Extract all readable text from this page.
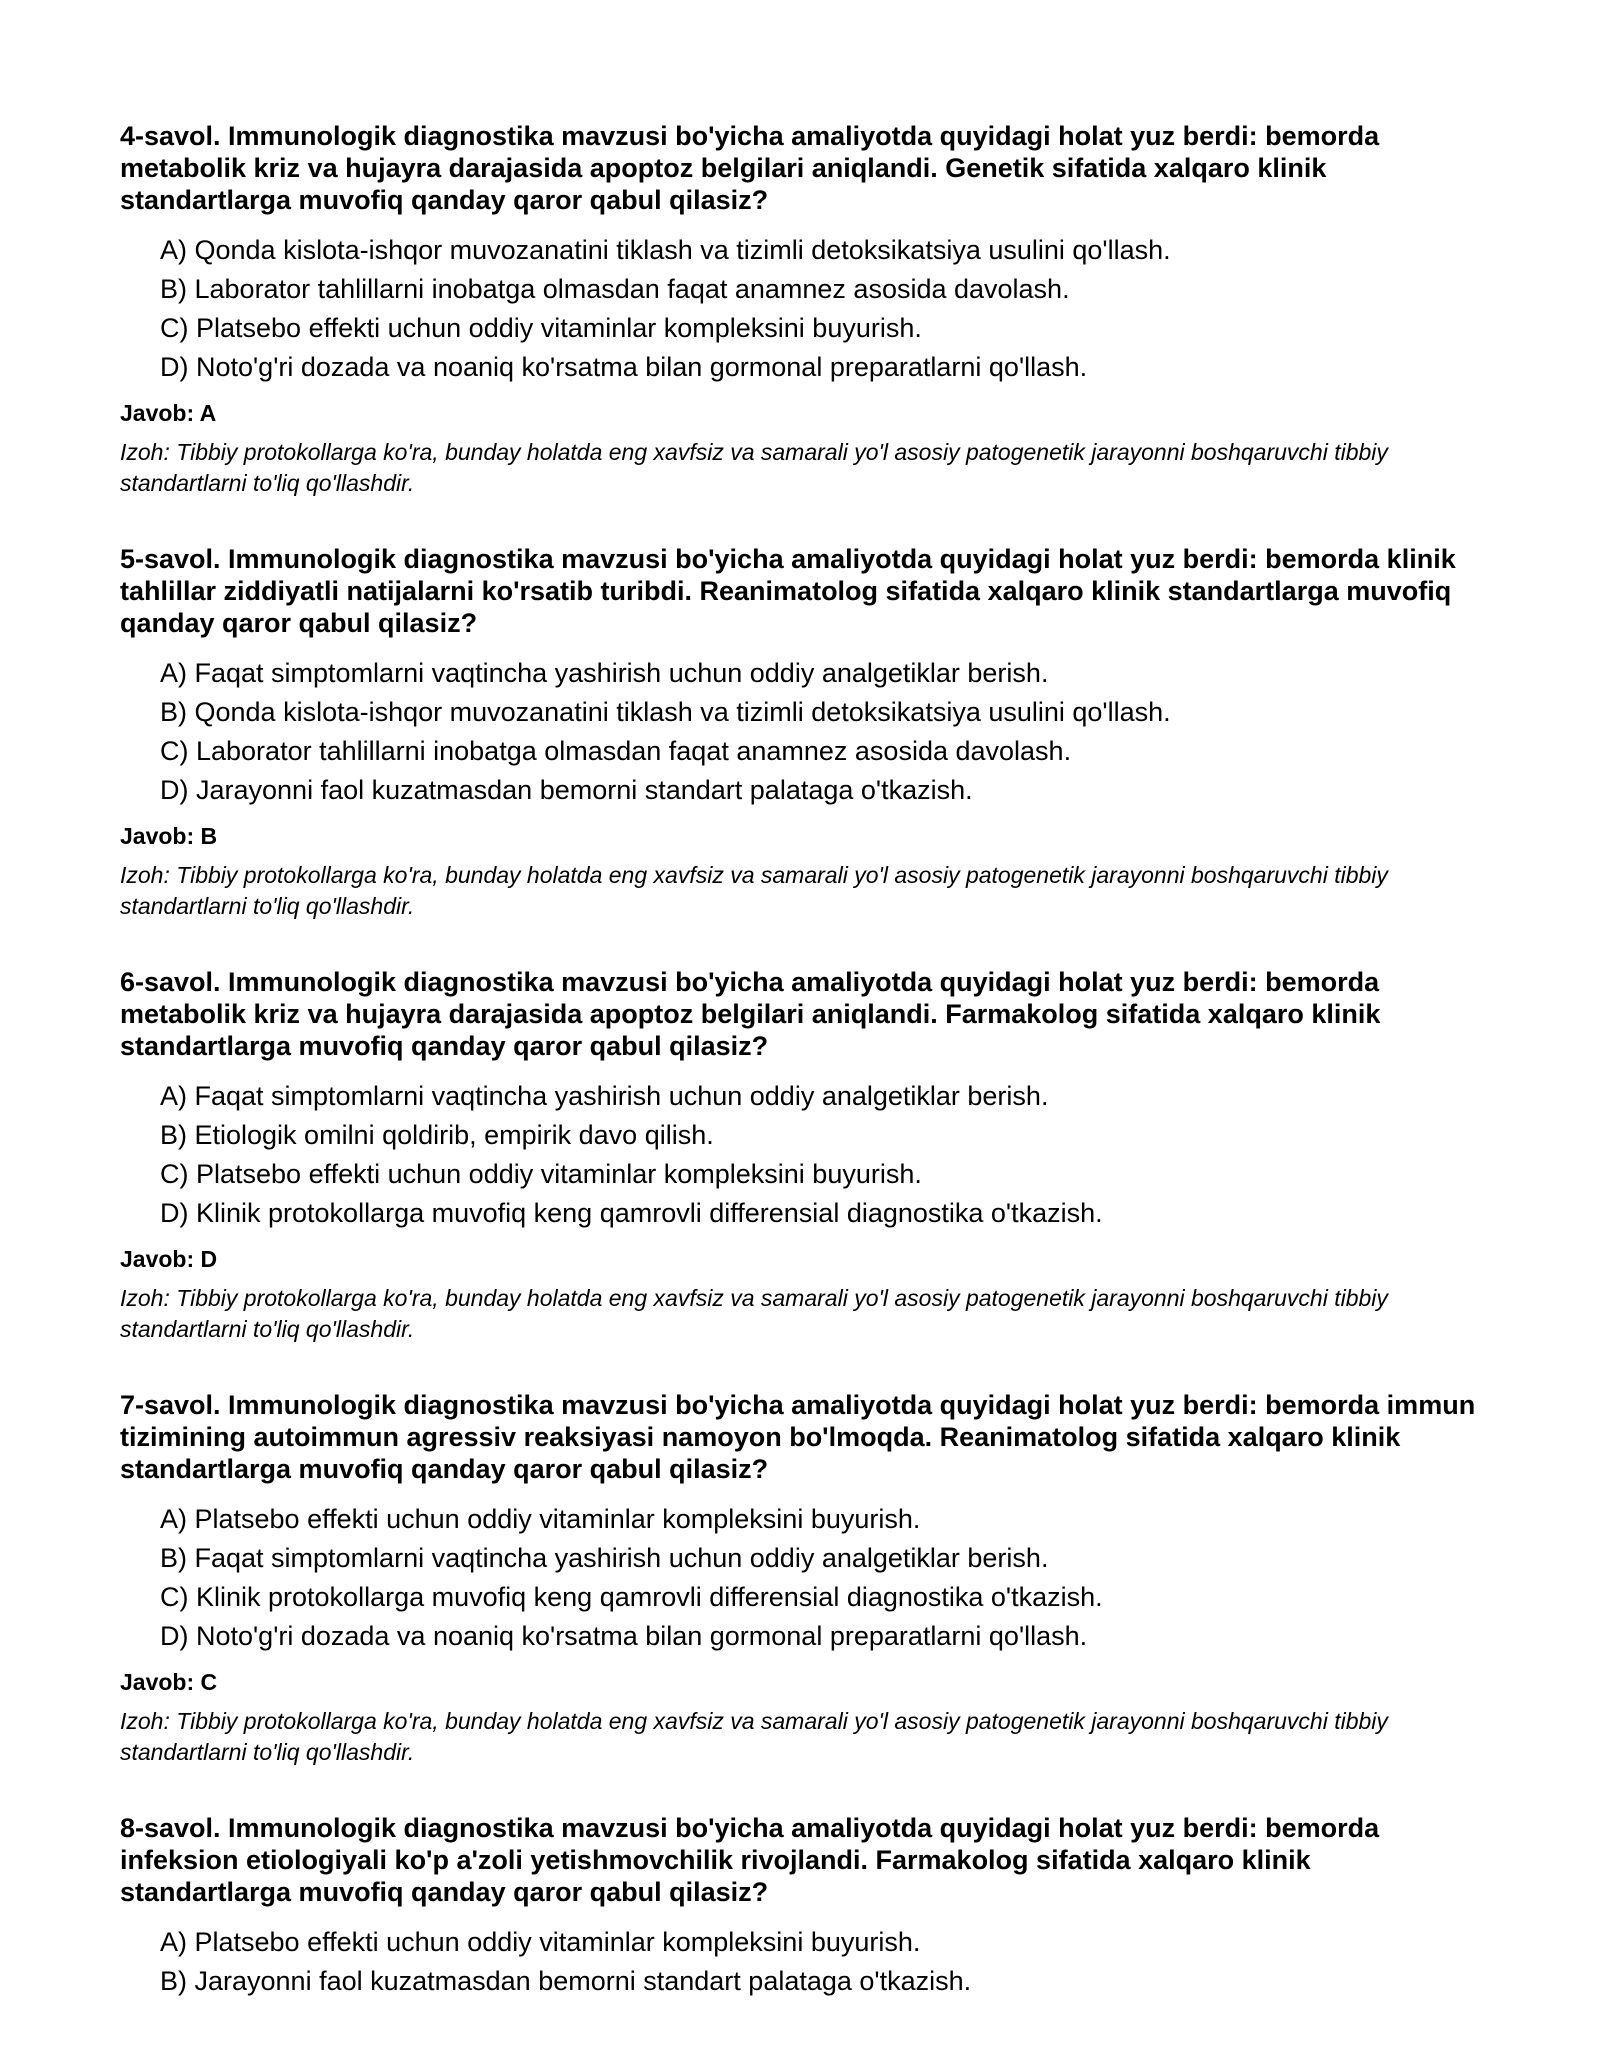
4-savol. Immunologik diagnostika mavzusi bo'yicha amaliyotda quyidagi holat yuz berdi: bemorda metabolik kriz va hujayra darajasida apoptoz belgilari aniqlandi. Genetik sifatida xalqaro klinik standartlarga muvofiq qanday qaror qabul qilasiz?

A) Qonda kislota-ishqor muvozanatini tiklash va tizimli detoksikatsiya usulini qo'llash.
B) Laborator tahlillarni inobatga olmasdan faqat anamnez asosida davolash.
C) Platsebo effekti uchun oddiy vitaminlar kompleksini buyurish.
D) Noto'g'ri dozada va noaniq ko'rsatma bilan gormonal preparatlarni qo'llash.

Javob: A

Izoh: Tibbiy protokollarga ko'ra, bunday holatda eng xavfsiz va samarali yo'l asosiy patogenetik jarayonni boshqaruvchi tibbiy standartlarni to'liq qo'llashdir.

5-savol. Immunologik diagnostika mavzusi bo'yicha amaliyotda quyidagi holat yuz berdi: bemorda klinik tahlillar ziddiyatli natijalarni ko'rsatib turibdi. Reanimatolog sifatida xalqaro klinik standartlarga muvofiq qanday qaror qabul qilasiz?

A) Faqat simptomlarni vaqtincha yashirish uchun oddiy analgetiklar berish.
B) Qonda kislota-ishqor muvozanatini tiklash va tizimli detoksikatsiya usulini qo'llash.
C) Laborator tahlillarni inobatga olmasdan faqat anamnez asosida davolash.
D) Jarayonni faol kuzatmasdan bemorni standart palataga o'tkazish.

Javob: B

Izoh: Tibbiy protokollarga ko'ra, bunday holatda eng xavfsiz va samarali yo'l asosiy patogenetik jarayonni boshqaruvchi tibbiy standartlarni to'liq qo'llashdir.

6-savol. Immunologik diagnostika mavzusi bo'yicha amaliyotda quyidagi holat yuz berdi: bemorda metabolik kriz va hujayra darajasida apoptoz belgilari aniqlandi. Farmakolog sifatida xalqaro klinik standartlarga muvofiq qanday qaror qabul qilasiz?

A) Faqat simptomlarni vaqtincha yashirish uchun oddiy analgetiklar berish.
B) Etiologik omilni qoldirib, empirik davo qilish.
C) Platsebo effekti uchun oddiy vitaminlar kompleksini buyurish.
D) Klinik protokollarga muvofiq keng qamrovli differensial diagnostika o'tkazish.

Javob: D

Izoh: Tibbiy protokollarga ko'ra, bunday holatda eng xavfsiz va samarali yo'l asosiy patogenetik jarayonni boshqaruvchi tibbiy standartlarni to'liq qo'llashdir.

7-savol. Immunologik diagnostika mavzusi bo'yicha amaliyotda quyidagi holat yuz berdi: bemorda immun tizimining autoimmun agressiv reaksiyasi namoyon bo'lmoqda. Reanimatolog sifatida xalqaro klinik standartlarga muvofiq qanday qaror qabul qilasiz?

A) Platsebo effekti uchun oddiy vitaminlar kompleksini buyurish.
B) Faqat simptomlarni vaqtincha yashirish uchun oddiy analgetiklar berish.
C) Klinik protokollarga muvofiq keng qamrovli differensial diagnostika o'tkazish.
D) Noto'g'ri dozada va noaniq ko'rsatma bilan gormonal preparatlarni qo'llash.

Javob: C

Izoh: Tibbiy protokollarga ko'ra, bunday holatda eng xavfsiz va samarali yo'l asosiy patogenetik jarayonni boshqaruvchi tibbiy standartlarni to'liq qo'llashdir.

8-savol. Immunologik diagnostika mavzusi bo'yicha amaliyotda quyidagi holat yuz berdi: bemorda infeksion etiologiyali ko'p a'zoli yetishmovchilik rivojlandi. Farmakolog sifatida xalqaro klinik standartlarga muvofiq qanday qaror qabul qilasiz?

A) Platsebo effekti uchun oddiy vitaminlar kompleksini buyurish.
B) Jarayonni faol kuzatmasdan bemorni standart palataga o'tkazish.
